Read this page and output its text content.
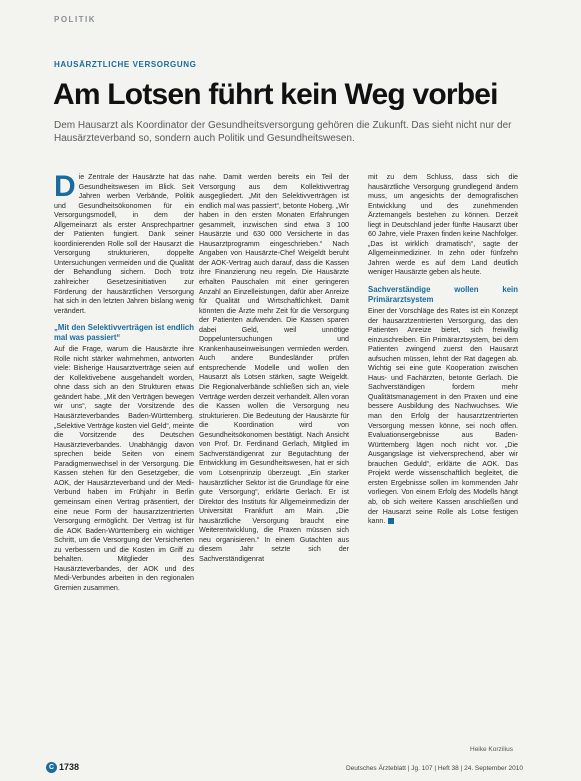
POLITIK
HAUSÄRZTLICHE VERSORGUNG
Am Lotsen führt kein Weg vorbei
Dem Hausarzt als Koordinator der Gesundheitsversorgung gehören die Zukunft. Das sieht nicht nur der Hausärzteverband so, sondern auch Politik und Gesundheitswesen.

D ie Zentrale der Hausärzte hat das Gesundheitswesen im Blick. Seit Jahren werben Verbände, Politik und Gesundheitsökonomen für ein Versorgungsmodell, in dem der Allgemeinarzt als erster Ansprechpartner der Patienten fungiert. Dank seiner koordinierenden Rolle soll der Hausarzt die Versorgung strukturieren, doppelte Untersuchungen vermeiden und die Qualität der Behandlung sichern. Doch trotz zahlreicher Gesetzesinitiativen zur Förderung der hausärztlichen Versorgung hat sich in den letzten Jahren bislang wenig verändert.

„Mit den Selektivverträgen ist endlich mal was passiert“

Auf die Frage, warum die Hausärzte ihre Rolle nicht stärker wahrnehmen, antworten viele: Bisherige Hausarztverträge seien auf der Kollektivebene ausgehandelt worden, ohne dass sich an den Strukturen etwas geändert habe. „Mit den Verträgen bewegen wir uns“, sagte der Vorsitzende des Hausärzteverbandes Baden-Württemberg. „Selektive Verträge kosten viel Geld“, meinte die Vorsitzende des Deutschen Hausärzteverbandes. Unabhängig davon sprechen beide Seiten von einem Paradigmenwechsel in der Versorgung. Die Kassen stehen für den Gesetzgeber, die AOK, der Hausärzteverband und der Medi-Verbund haben im Frühjahr in Berlin gemeinsam einen Vertrag präsentiert, der eine neue Form der hausarztzentrierten Versorgung ermöglicht. Der Vertrag ist für die AOK Baden-Württemberg ein wichtiger Schritt, um die Versorgung der Versicherten zu verbessern und die Kosten im Griff zu behalten. Mitglieder des Hausärzteverbandes, der AOK und des Medi-Verbundes arbeiten in den regionalen Gremien zusammen.

nahe. Damit werden bereits ein Teil der Versorgung aus dem Kollektivvertrag ausgegliedert. „Mit den Selektivverträgen ist endlich mal was passiert“, betonte Hoberg. „Wir haben in den ersten Monaten Erfahrungen gesammelt, inzwischen sind etwa 3 100 Hausärzte und 630 000 Versicherte in das Hausarztprogramm eingeschrieben.“ Nach Angaben von Hausärzte-Chef Weigeldt beruht der AOK-Vertrag auch darauf, dass die Kassen ihre Finanzierung neu regeln. Die Hausärzte erhalten Pauschalen mit einer geringeren Anzahl an Einzelleistungen, dafür aber Anreize für Qualität und Wirtschaftlichkeit. Damit könnten die Ärzte mehr Zeit für die Versorgung der Patienten aufwenden. Die Kassen sparen dabei Geld, weil unnötige Doppeluntersuchungen und Krankenhauseinweisungen vermieden werden. Auch andere Bundesländer prüfen entsprechende Modelle und wollen den Hausarzt als Lotsen stärken, sagte Weigeldt. Die Regionalverbände schließen sich an, viele Verträge werden derzeit verhandelt. Allen voran die Kassen wollen die Versorgung neu strukturieren. Die Bedeutung der Hausärzte für die Koordination wird von Gesundheitsökonomen bestätigt. Nach Ansicht von Prof. Dr. Ferdinand Gerlach, Mitglied im Sachverständigenrat zur Begutachtung der Entwicklung im Gesundheitswesen, hat er sich vom Lotsenprinzip überzeugt. „Ein starker hausärztlicher Sektor ist die Grundlage für eine gute Versorgung“, erklärte Gerlach. Er ist Direktor des Instituts für Allgemeinmedizin der Universität Frankfurt am Main. „Die hausärztliche Versorgung braucht eine Weiterentwicklung, die Praxen müssen sich neu organisieren.“ In einem Gutachten aus diesem Jahr setzte sich der Sachverständigenrat

mit zu dem Schluss, dass sich die hausärztliche Versorgung grundlegend ändern muss, um angesichts der demografischen Entwicklung und des zunehmenden Ärztemangels bestehen zu können. Derzeit liegt in Deutschland jeder fünfte Hausarzt über 60 Jahre, viele Praxen finden keine Nachfolger. „Das ist wirklich dramatisch“, sagte der Allgemeinmediziner. In zehn oder fünfzehn Jahren werde es auf dem Land deutlich weniger Hausärzte geben als heute.

Sachverständige wollen kein Primärarztsystem

Einer der Vorschläge des Rates ist ein Konzept der hausarztzentrierten Versorgung, das den Patienten Anreize bietet, sich freiwillig einzuschreiben. Ein Primärarztsystem, bei dem Patienten zwingend zuerst den Hausarzt aufsuchen müssen, lehnt der Rat dagegen ab. Wichtig sei eine gute Kooperation zwischen Haus- und Fachärzten, betonte Gerlach. Die Sachverständigen fordern mehr Qualitätsmanagement in den Praxen und eine bessere Ausbildung des Nachwuchses. Wie man den Erfolg der hausarztzentrierten Versorgung messen könne, sei noch offen. Evaluationsergebnisse aus Baden-Württemberg lägen noch nicht vor. „Die Ausgangslage ist vielversprechend, aber wir brauchen Geduld“, erklärte die AOK. Das Projekt werde wissenschaftlich begleitet, die ersten Ergebnisse sollen im kommenden Jahr vorliegen. Von einem Erfolg des Modells hängt ab, ob sich weitere Kassen anschließen und der Hausarzt seine Rolle als Lotse festigen kann.

Heike Korzilius
C 1738	Deutsches Ärzteblatt | Jg. 107 | Heft 38 | 24. September 2010
